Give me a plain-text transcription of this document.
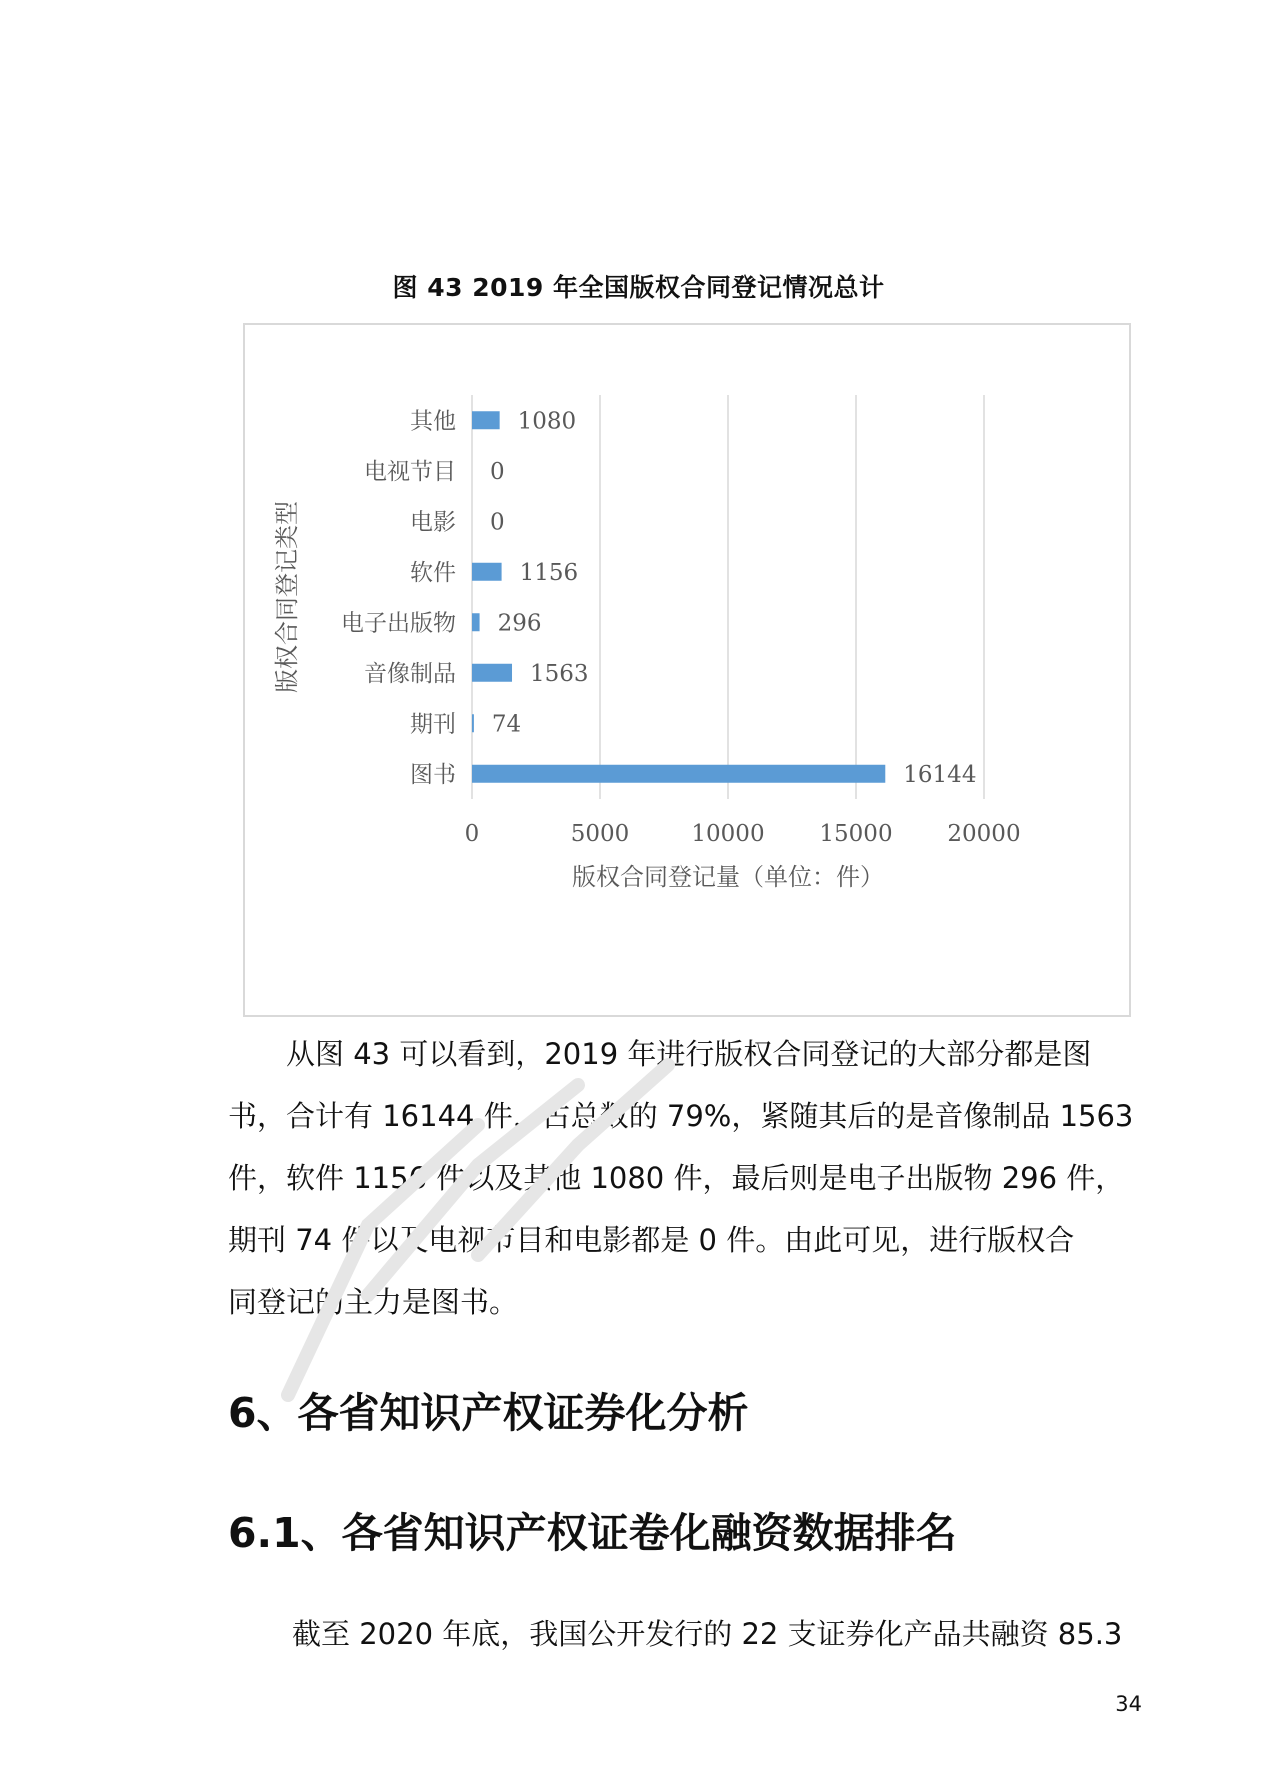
图 43 2019 年全国版权合同登记情况总计
0	5000	10000 15000 20000
其他	1080
电视节目 0
电影 0
软件	1156
电子出版物 296
音像制品	1563
期刊 74
图书	16144
版权合同登记量（单位：件）
版权合同登记类型
从图 43 可以看到，2019 年进行版权合同登记的大部分都是图
书，合计有 16144 件，占总数的 79%，紧随其后的是音像制品 1563
件，软件 1156 件以及其他 1080 件，最后则是电子出版物 296 件，
期刊 74 件以及电视节目和电影都是 0 件。由此可见，进行版权合
同登记的主力是图书。
6、各省知识产权证券化分析
6.1、各省知识产权证卷化融资数据排名
截至 2020 年底，我国公开发行的 22 支证券化产品共融资 85.3
34
